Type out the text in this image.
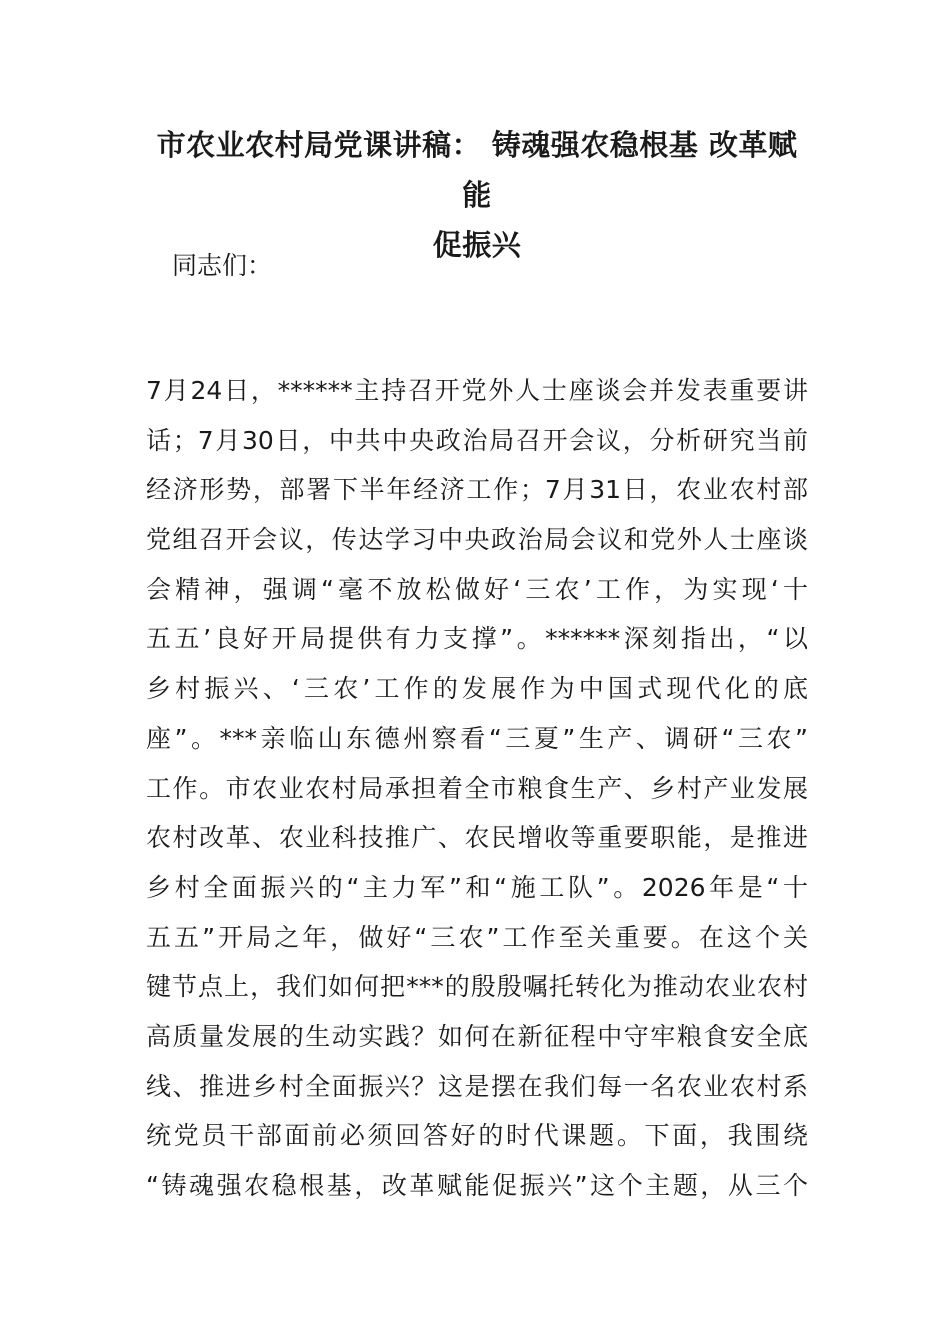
市农业农村局党课讲稿： 铸魂强农稳根基 改革赋能
促振兴

同志们：

7月24日，******主持召开党外人士座谈会并发表重要讲
话；7月30日，中共中央政治局召开会议，分析研究当前
经济形势，部署下半年经济工作；7月31日，农业农村部
党组召开会议，传达学习中央政治局会议和党外人士座谈
会精神，强调“毫不放松做好‘三农’工作，为实现‘十
五五’良好开局提供有力支撑”。******深刻指出，“以
乡村振兴、‘三农’工作的发展作为中国式现代化的底
座”。***亲临山东德州察看“三夏”生产、调研“三农”
工作。市农业农村局承担着全市粮食生产、乡村产业发展
农村改革、农业科技推广、农民增收等重要职能，是推进
乡村全面振兴的“主力军”和“施工队”。2026年是“十
五五”开局之年，做好“三农”工作至关重要。在这个关
键节点上，我们如何把***的殷殷嘱托转化为推动农业农村
高质量发展的生动实践？如何在新征程中守牢粮食安全底
线、推进乡村全面振兴？这是摆在我们每一名农业农村系
统党员干部面前必须回答好的时代课题。下面，我围绕
“铸魂强农稳根基，改革赋能促振兴”这个主题，从三个
